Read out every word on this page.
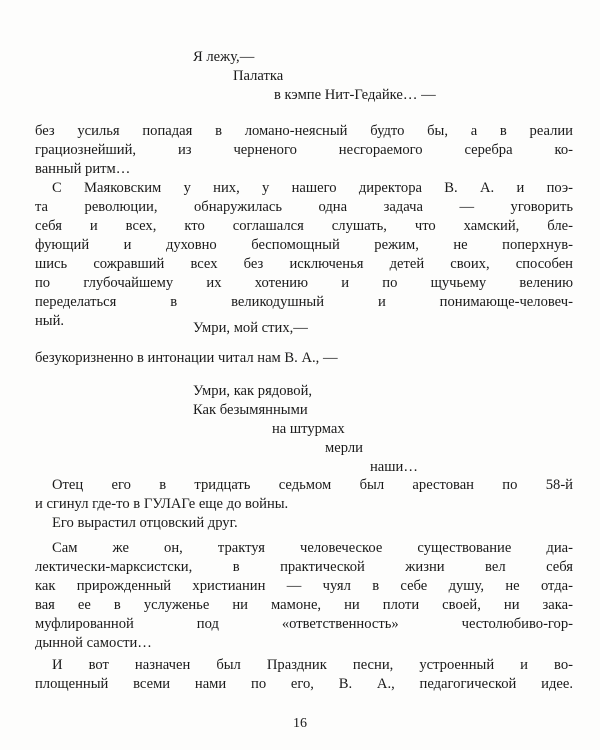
Я лежу,—

Палатка

в кэмпе Нит-Гедайке… —

без усилья попадая в ломано-неясный будто бы, а в реалии

грациознейший, из черненого несгораемого серебра ко-

ванный ритм…

С Маяковским у них, у нашего директора В. А. и поэ-

та революции, обнаружилась одна задача — уговорить

себя и всех, кто соглашался слушать, что хамский, бле-

фующий и духовно беспомощный режим, не поперхнув-

шись сожравший всех без исключенья детей своих, способен

по глубочайшему их хотению и по щучьему велению

переделаться в великодушный и понимающе-человеч-

ный.	Умри, мой стих,—

безукоризненно в интонации читал нам В. А., —

Умри, как рядовой,

Как безымянными

на штурмах

мерли

наши…

Отец его в тридцать седьмом был арестован по 58-й

и сгинул где-то в ГУЛАГе еще до войны.

Его вырастил отцовский друг.

Сам же он, трактуя человеческое существование диа-

лектически-марксистски, в практической жизни вел себя

как прирожденный христианин — чуял в себе душу, не отда-

вая ее в услуженье ни мамоне, ни плоти своей, ни зака-

муфлированной под «ответственность» честолюбиво-гор-

дынной самости…

И вот назначен был Праздник песни, устроенный и во-

площенный всеми нами по его, В. А., педагогической идее.

16
